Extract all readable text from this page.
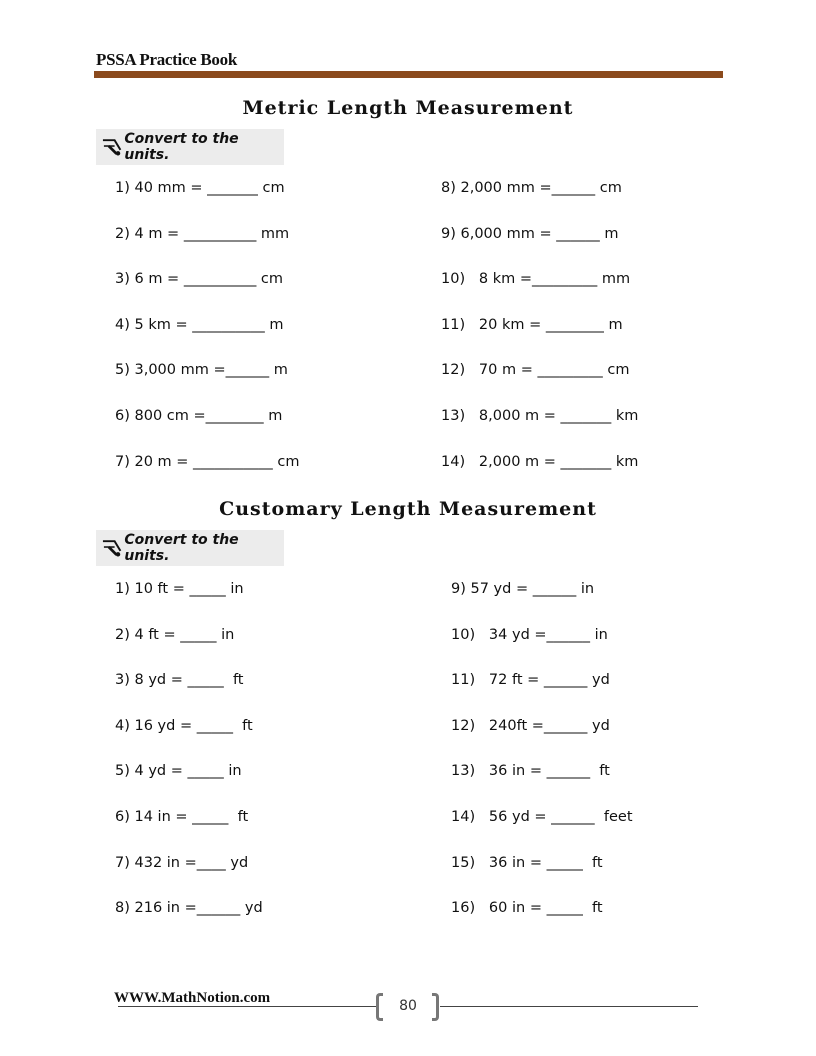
PSSA Practice Book
Metric Length Measurement
Convert to the units.
1) 40 mm = _______ cm
2) 4 m = __________ mm
3) 6 m = __________ cm
4) 5 km = __________ m
5) 3,000 mm =______ m
6) 800 cm =________ m
7) 20 m = ___________ cm
8) 2,000 mm =______ cm
9) 6,000 mm = ______ m
10)   8 km =_________ mm
11)   20 km = ________ m
12)   70 m = _________ cm
13)   8,000 m = _______ km
14)   2,000 m = _______ km
Customary Length Measurement
Convert to the units.
1) 10 ft = _____ in
2) 4 ft = _____ in
3) 8 yd = _____  ft
4) 16 yd = _____  ft
5) 4 yd = _____ in
6) 14 in = _____  ft
7) 432 in =____ yd
8) 216 in =______ yd
9) 57 yd = ______ in
10)   34 yd =______ in
11)   72 ft = ______ yd
12)   240ft =______ yd
13)   36 in = ______  ft
14)   56 yd = ______  feet
15)   36 in = _____  ft
16)   60 in = _____  ft
WWW.MathNotion.com	80
